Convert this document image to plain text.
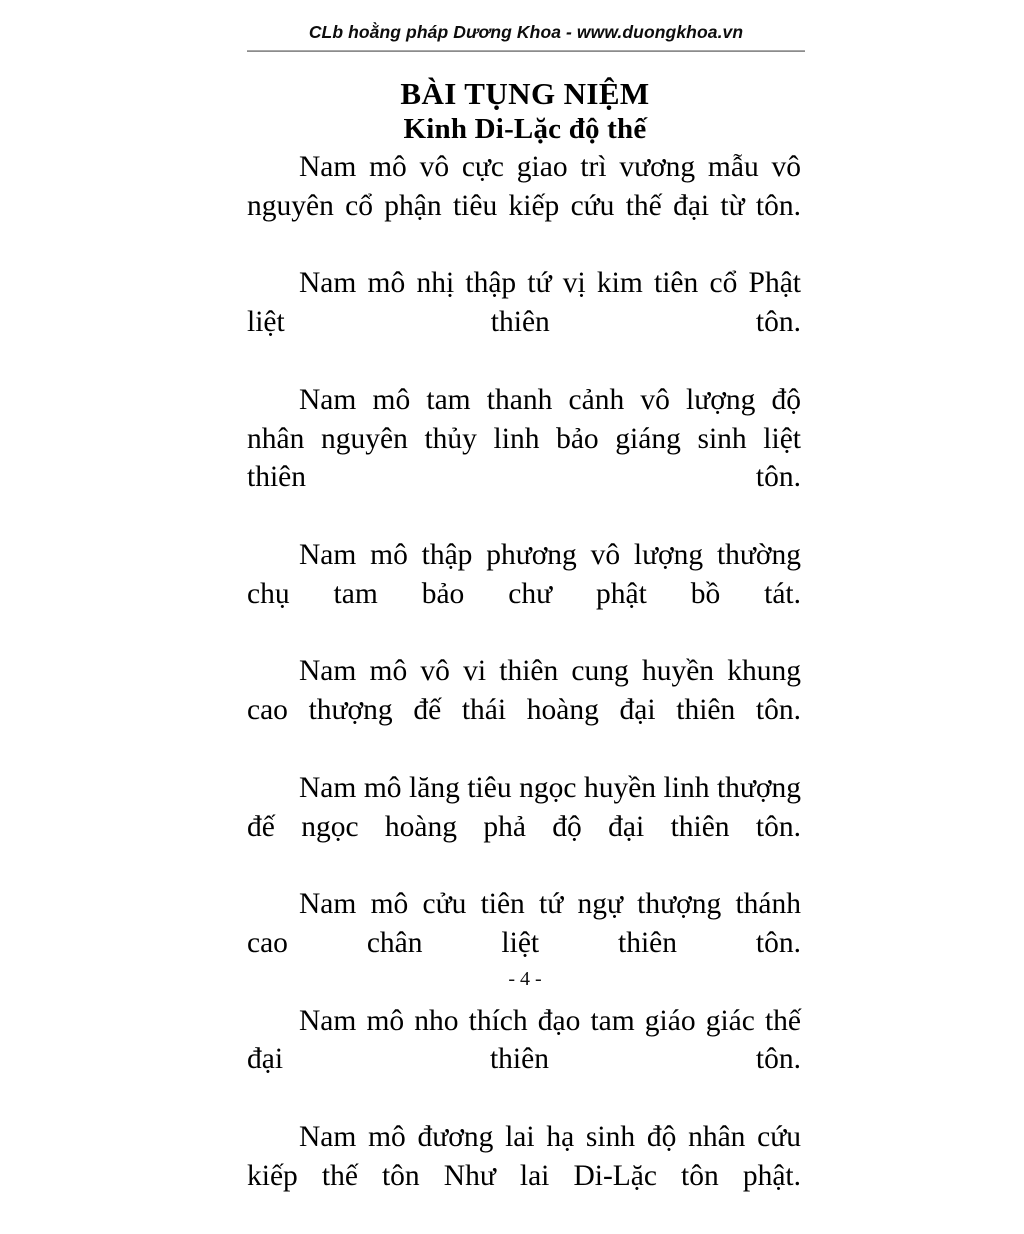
CLb hoằng pháp Dương Khoa - www.duongkhoa.vn
BÀI TỤNG NIỆM
Kinh Di-Lặc độ thế

Nam mô vô cực giao trì vương mẫu vô nguyên cổ phận tiêu kiếp cứu thế đại từ tôn.

Nam mô nhị thập tứ vị kim tiên cổ Phật liệt thiên tôn.

Nam mô tam thanh cảnh vô lượng độ nhân nguyên thủy linh bảo giáng sinh liệt thiên tôn.

Nam mô thập phương vô lượng thường chụ tam bảo chư phật bồ tát.

Nam mô vô vi thiên cung huyền khung cao thượng đế thái hoàng đại thiên tôn.

Nam mô lăng tiêu ngọc huyền linh thượng đế ngọc hoàng phả độ đại thiên tôn.

Nam mô cửu tiên tứ ngự thượng thánh cao chân liệt thiên tôn.

Nam mô nho thích đạo tam giáo giác thế đại thiên tôn.

Nam mô đương lai hạ sinh độ nhân cứu kiếp thế tôn Như lai Di-Lặc tôn phật.

- 4 -
